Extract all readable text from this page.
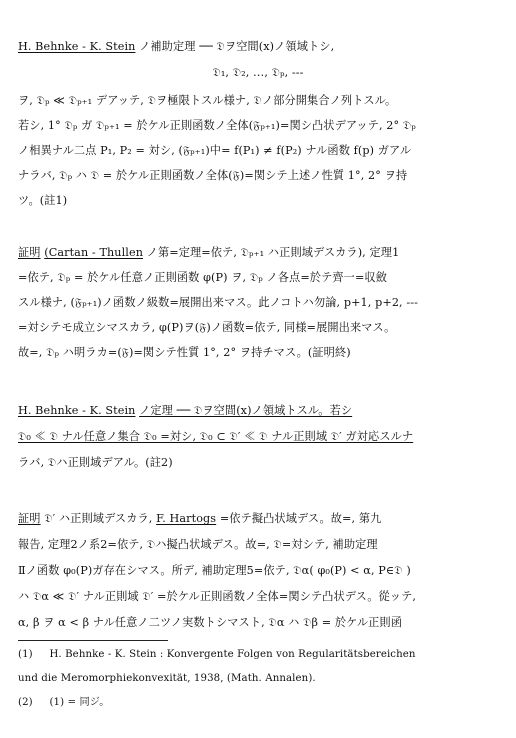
H. Behnke - K. Stein ノ補助定理 ── 𝔇ヲ空間(x)ノ領域トシ,
𝔇₁, 𝔇₂, …, 𝔇ₚ, ---
ヲ, 𝔇ₚ ≪ 𝔇ₚ₊₁ デアッテ, 𝔇ヲ極限トスル様ナ, 𝔇ノ部分開集合ノ列トスル。
若シ, 1° 𝔇ₚ ガ 𝔇ₚ₊₁ = 於ケル正則函数ノ全体(𝔉ₚ₊₁)=関シ凸状デアッテ, 2° 𝔇ₚ
ノ相異ナル二点 P₁, P₂ = 対シ, (𝔉ₚ₊₁)中= f(P₁) ≠ f(P₂) ナル函数 f(p) ガアル
ナラバ, 𝔇ₚ ハ 𝔇 = 於ケル正則函数ノ全体(𝔉)=関シテ上述ノ性質 1°, 2° ヲ持
ツ。(註1)
証明 (Cartan - Thullen ノ第=定理=依テ, 𝔇ₚ₊₁ ハ正則域デスカラ), 定理1
=依テ, 𝔇ₚ = 於ケル任意ノ正則函数 φ(P) ヲ, 𝔇ₚ ノ各点=於テ齊一=収斂
スル様ナ, (𝔉ₚ₊₁)ノ函数ノ級数=展開出来マス。此ノコトハ勿論, p+1, p+2, ---
=対シテモ成立シマスカラ, φ(P)ヲ(𝔉)ノ函数=依テ, 同様=展開出来マス。
故=, 𝔇ₚ ハ明ラカ=(𝔉)=関シテ性質 1°, 2° ヲ持チマス。(証明終)
H. Behnke - K. Stein ノ定理 ── 𝔇ヲ空間(x)ノ領域トスル。若シ
𝔇₀ ≪ 𝔇 ナル任意ノ集合 𝔇₀ =対シ, 𝔇₀ ⊂ 𝔇′ ≪ 𝔇 ナル正則域 𝔇′ ガ対応スルナ
ラバ, 𝔇ハ正則域デアル。(註2)
証明 𝔇′ ハ正則域デスカラ, F. Hartogs =依テ擬凸状域デス。故=, 第九
報告, 定理2ノ系2=依テ, 𝔇ハ擬凸状域デス。故=, 𝔇=対シテ, 補助定理
Ⅱノ函数 φ₀(P)ガ存在シマス。所デ, 補助定理5=依テ, 𝔇α( φ₀(P) < α, P∈𝔇 )
ハ 𝔇α ≪ 𝔇′ ナル正則域 𝔇′ =於ケル正則函数ノ全体=関シテ凸状デス。從ッテ,
α, β ヲ α < β ナル任意ノ二ツノ実数トシマスト, 𝔇α ハ 𝔇β = 於ケル正則函
(1) H. Behnke - K. Stein : Konvergente Folgen von Regularitätsbereichen
und die Meromorphiekonvexität, 1938, (Math. Annalen).
(2) (1) = 同ジ。
